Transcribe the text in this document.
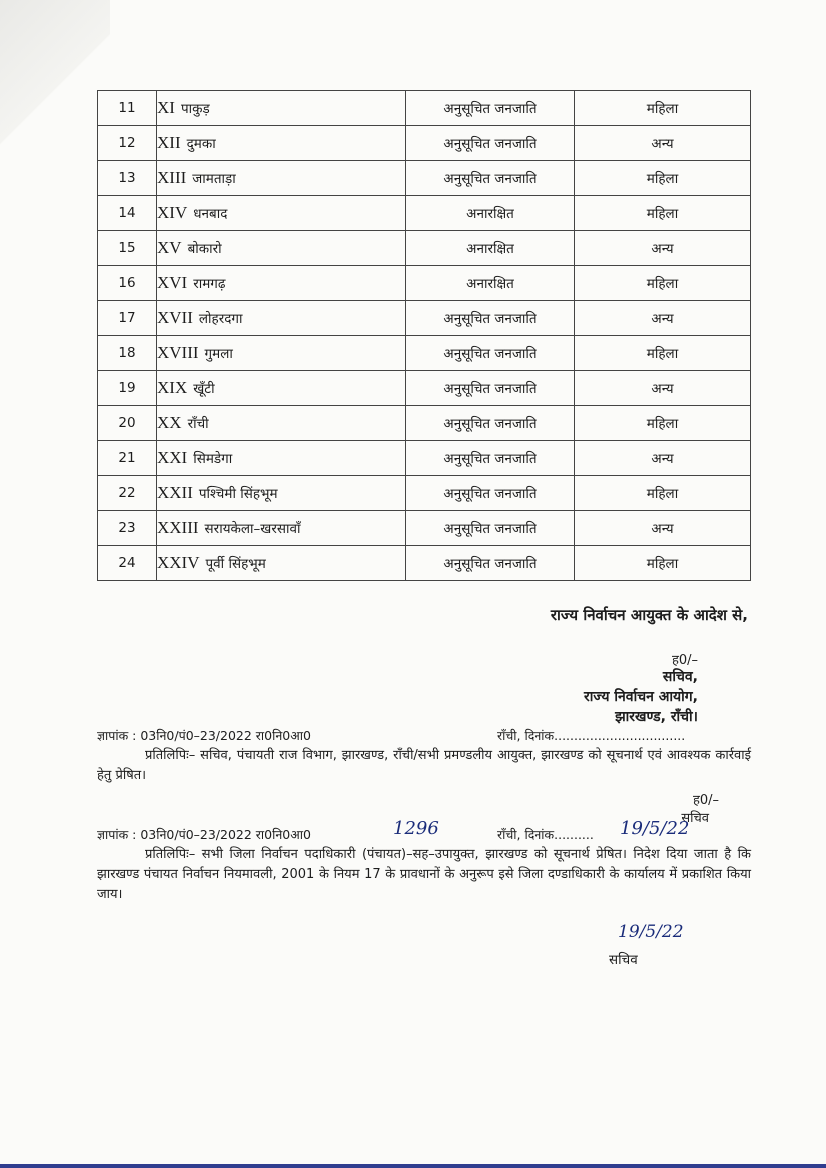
11	XI पाकुड़	अनुसूचित जनजाति	महिला
12	XII दुमका	अनुसूचित जनजाति	अन्य
13	XIII जामताड़ा	अनुसूचित जनजाति	महिला
14	XIV धनबाद	अनारक्षित	महिला
15	XV बोकारो	अनारक्षित	अन्य
16	XVI रामगढ़	अनारक्षित	महिला
17	XVII लोहरदगा	अनुसूचित जनजाति	अन्य
18	XVIII गुमला	अनुसूचित जनजाति	महिला
19	XIX खूँटी	अनुसूचित जनजाति	अन्य
20	XX राँची	अनुसूचित जनजाति	महिला
21	XXI सिमडेगा	अनुसूचित जनजाति	अन्य
22	XXII पश्चिमी सिंहभूम	अनुसूचित जनजाति	महिला
23	XXIII सरायकेला–खरसावाँ	अनुसूचित जनजाति	अन्य
24	XXIV पूर्वी सिंहभूम	अनुसूचित जनजाति	महिला
राज्य निर्वाचन आयुक्त के आदेश से,
ह0/–
सचिव,
राज्य निर्वाचन आयोग,
झारखण्ड, राँची।
ज्ञापांक : 03नि0/पं0–23/2022 रा0नि0आ0	राँची, दिनांक.................................
प्रतिलिपिः– सचिव, पंचायती राज विभाग, झारखण्ड, राँची/सभी प्रमण्डलीय आयुक्त, झारखण्ड को सूचनार्थ एवं आवश्यक कार्रवाई हेतु प्रेषित।
ह0/–
सचिव
ज्ञापांक : 03नि0/पं0–23/2022 रा0नि0आ0	1296	राँची, दिनांक.......... 19/5/22
प्रतिलिपिः– सभी जिला निर्वाचन पदाधिकारी (पंचायत)–सह–उपायुक्त, झारखण्ड को सूचनार्थ प्रेषित। निदेश दिया जाता है कि झारखण्ड पंचायत निर्वाचन नियमावली, 2001 के नियम 17 के प्रावधानों के अनुरूप इसे जिला दण्डाधिकारी के कार्यालय में प्रकाशित किया जाय।
19/5/22
सचिव
